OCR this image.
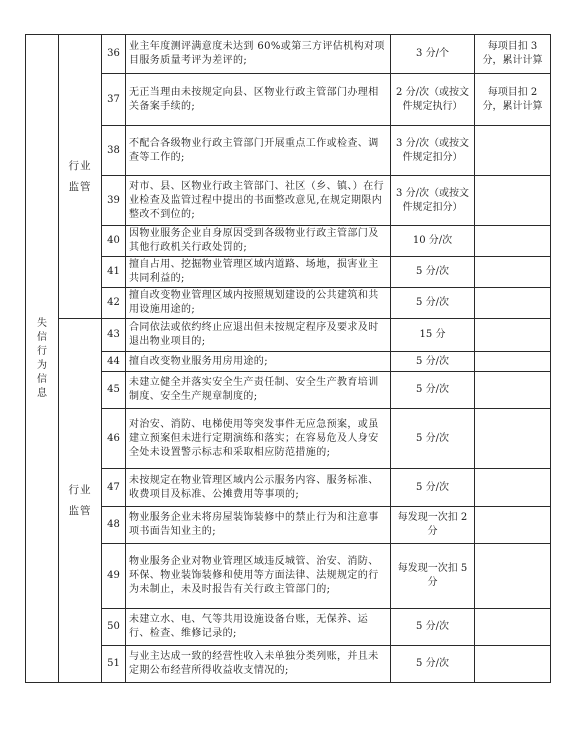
失信行为信息	行业监管	36	业主年度测评满意度未达到 60%或第三方评估机构对项目服务质量考评为差评的;	3 分/个	每项目扣 3 分，累计计算
		37	无正当理由未按规定向县、区物业行政主管部门办理相关备案手续的;	2 分/次（或按文件规定执行）	每项目扣 2 分，累计计算
		38	不配合各级物业行政主管部门开展重点工作或检查、调查等工作的;	3 分/次（或按文件规定扣分）	
		39	对市、县、区物业行政主管部门、社区（乡、镇、）在行业检查及监管过程中提出的书面整改意见,在规定期限内整改不到位的;	3 分/次（或按文件规定扣分）	
		40	因物业服务企业自身原因受到各级物业行政主管部门及其他行政机关行政处罚的;	10 分/次	
		41	擅自占用、挖掘物业管理区域内道路、场地，损害业主共同利益的;	5 分/次	
		42	擅自改变物业管理区域内按照规划建设的公共建筑和共用设施用途的;	5 分/次	
	行业监管	43	合同依法或依约终止应退出但未按规定程序及要求及时退出物业项目的;	15 分	
		44	擅自改变物业服务用房用途的;	5 分/次	
		45	未建立健全并落实安全生产责任制、安全生产教育培训制度、安全生产规章制度的;	5 分/次	
		46	对治安、消防、电梯使用等突发事件无应急预案，或虽建立预案但未进行定期演练和落实；在容易危及人身安全处未设置警示标志和采取相应防范措施的;	5 分/次	
		47	未按规定在物业管理区域内公示服务内容、服务标准、收费项目及标准、公摊费用等事项的;	5 分/次	
		48	物业服务企业未将房屋装饰装修中的禁止行为和注意事项书面告知业主的;	每发现一次扣 2 分	
		49	物业服务企业对物业管理区域违反城管、治安、消防、环保、物业装饰装修和使用等方面法律、法规规定的行为未制止，未及时报告有关行政主管部门的;	每发现一次扣 5 分	
		50	未建立水、电、气等共用设施设备台账，无保养、运行、检查、维修记录的;	5 分/次	
		51	与业主达成一致的经营性收入未单独分类列账，并且未定期公布经营所得收益收支情况的;	5 分/次	
